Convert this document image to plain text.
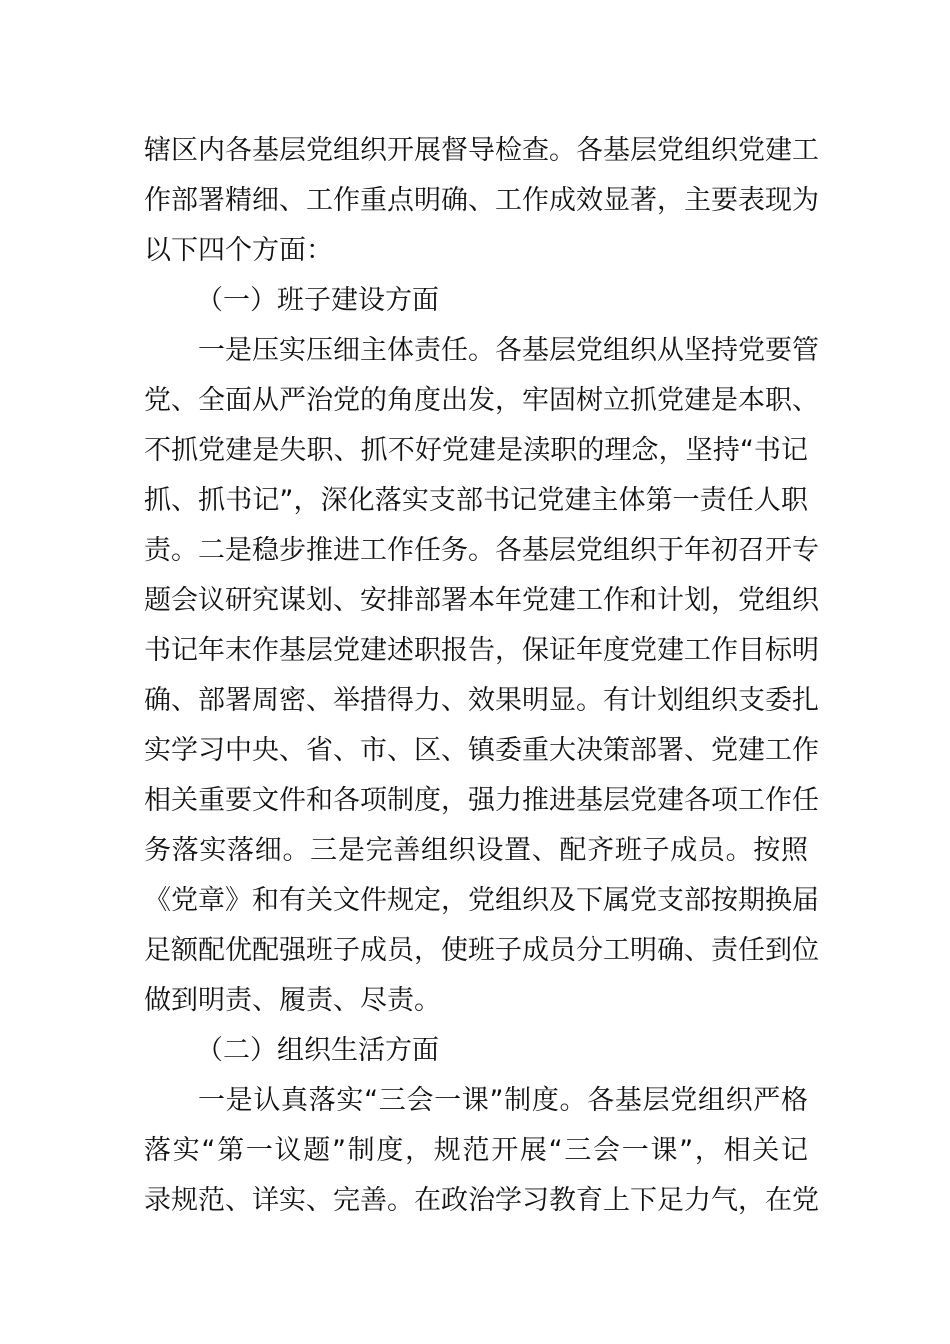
辖区内各基层党组织开展督导检查。各基层党组织党建工
作部署精细、工作重点明确、工作成效显著，主要表现为
以下四个方面：
（一）班子建设方面
一是压实压细主体责任。各基层党组织从坚持党要管
党、全面从严治党的角度出发，牢固树立抓党建是本职、
不抓党建是失职、抓不好党建是渎职的理念，坚持“书记
抓、抓书记”，深化落实支部书记党建主体第一责任人职
责。二是稳步推进工作任务。各基层党组织于年初召开专
题会议研究谋划、安排部署本年党建工作和计划，党组织
书记年末作基层党建述职报告，保证年度党建工作目标明
确、部署周密、举措得力、效果明显。有计划组织支委扎
实学习中央、省、市、区、镇委重大决策部署、党建工作
相关重要文件和各项制度，强力推进基层党建各项工作任
务落实落细。三是完善组织设置、配齐班子成员。按照
《党章》和有关文件规定，党组织及下属党支部按期换届
足额配优配强班子成员，使班子成员分工明确、责任到位
做到明责、履责、尽责。
（二）组织生活方面
一是认真落实“三会一课”制度。各基层党组织严格
落实“第一议题”制度，规范开展“三会一课”，相关记
录规范、详实、完善。在政治学习教育上下足力气，在党
